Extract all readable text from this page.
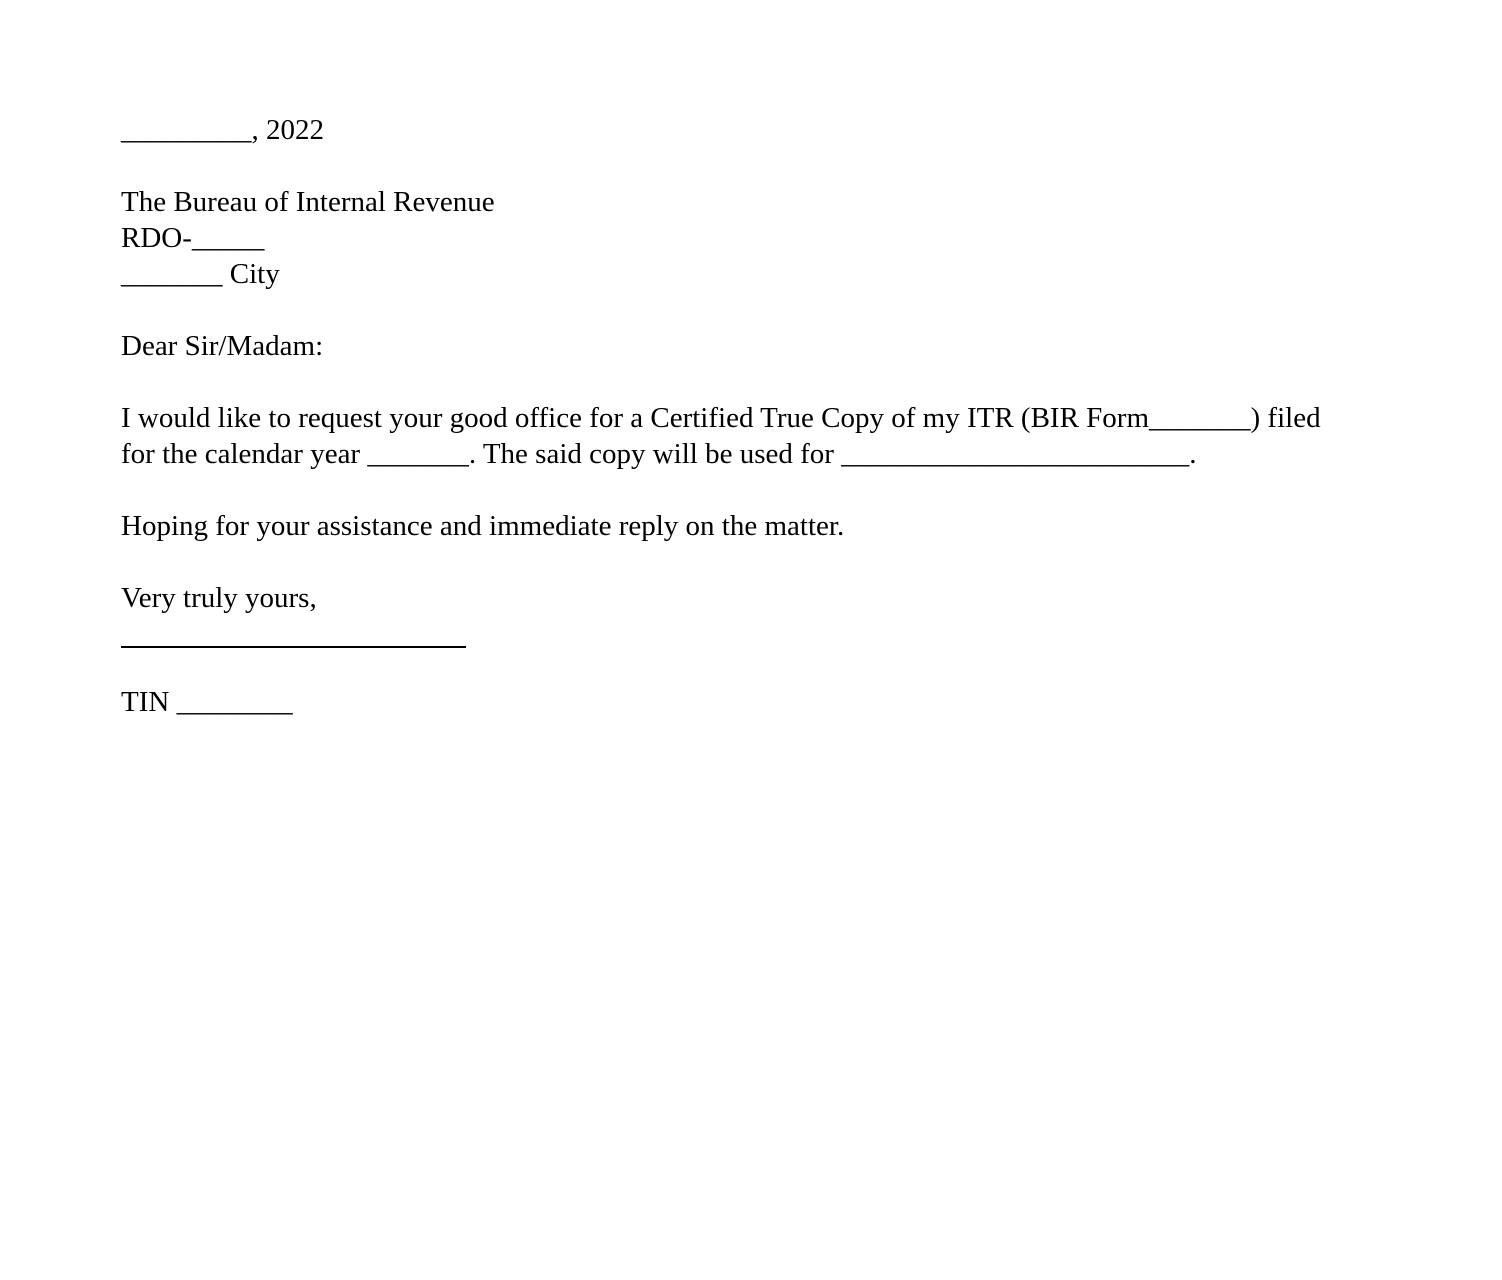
_________, 2022

The Bureau of Internal Revenue
RDO-_____
_______ City

Dear Sir/Madam:

I would like to request your good office for a Certified True Copy of my ITR (BIR Form_______) filed
for the calendar year _______. The said copy will be used for ________________________.

Hoping for your assistance and immediate reply on the matter.

Very truly yours,

TIN ________
